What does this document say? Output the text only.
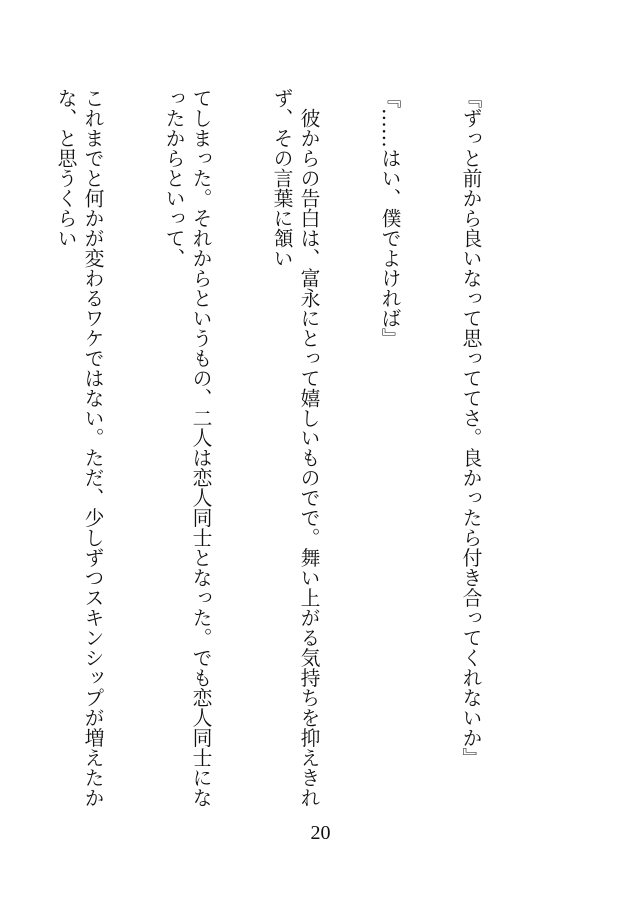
『ずっと前から良いなって思っててさ。良かったら付き合ってくれないか』

『……はい、僕でよければ』

　彼からの告白は、富永にとって嬉しいものでで。舞い上がる気持ちを抑えきれず、その言葉に頷い

てしまった。それからというもの、二人は恋人同士となった。でも恋人同士になったからといって、

これまでと何かが変わるワケではない。ただ、少しずつスキンシップが増えたかな、と思うくらい

20
